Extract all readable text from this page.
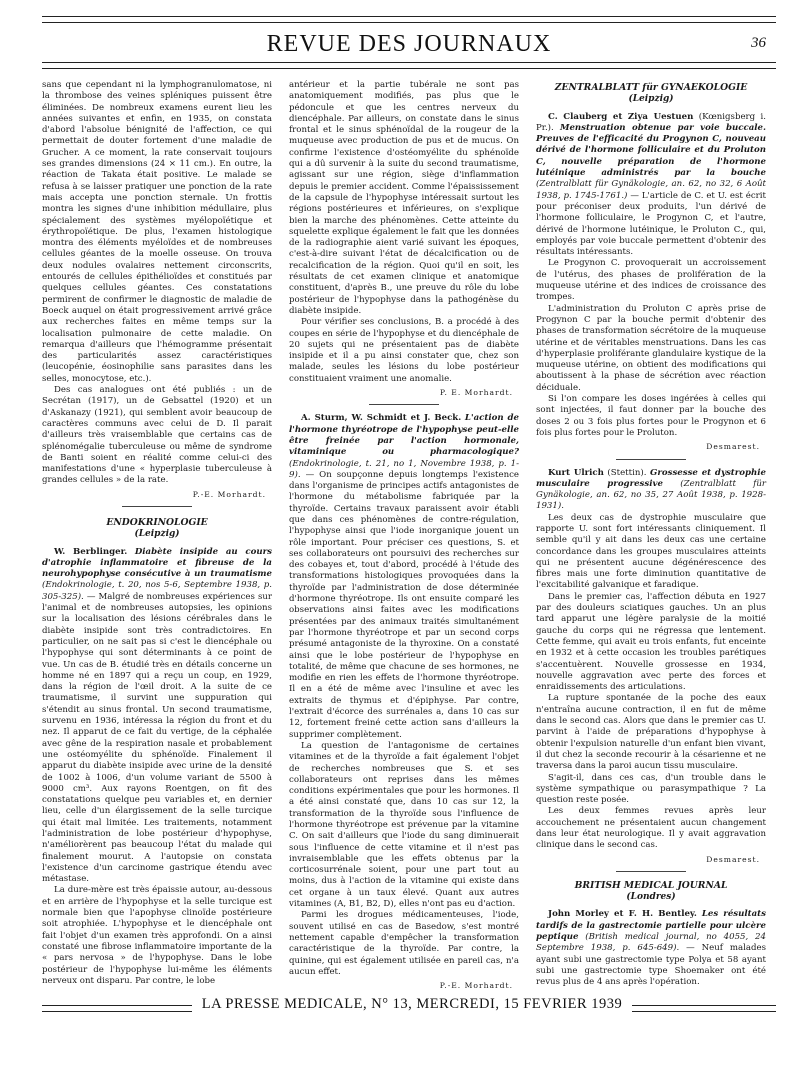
REVUE DES JOURNAUX	36

sans que cependant ni la lymphogranulomatose, ni la thrombose des veines spléniques puissent être éliminées. De nombreux examens eurent lieu les années suivantes et enfin, en 1935, on constata d'abord l'absolue bénignité de l'affection, ce qui permettait de douter fortement d'une maladie de Grucher. A ce moment, la rate conservait toujours ses grandes dimensions (24 × 11 cm.). En outre, la réaction de Takata était positive. Le malade se refusa à se laisser pratiquer une ponction de la rate mais accepta une ponction sternale. Un frottis montra les signes d'une inhibition médullaire, plus spécialement des systèmes myélopoïétique et érythropoïétique. De plus, l'examen histologique montra des éléments myéloïdes et de nombreuses cellules géantes de la moelle osseuse. On trouva deux nodules ovalaires nettement circonscrits, entourés de cellules épithélioïdes et constitués par quelques cellules géantes. Ces constatations permirent de confirmer le diagnostic de maladie de Boeck auquel on était progressivement arrivé grâce aux recherches faites en même temps sur la localisation pulmonaire de cette maladie. On remarqua d'ailleurs que l'hémogramme présentait des particularités assez caractéristiques (leucopénie, éosinophilie sans parasites dans les selles, monocytose, etc.).

Des cas analogues ont été publiés : un de Secrétan (1917), un de Gebsattel (1920) et un d'Askanazy (1921), qui semblent avoir beaucoup de caractères communs avec celui de D. Il parait d'ailleurs très vraisemblable que certains cas de splénomégalie tuberculeuse ou même de syndrome de Banti soient en réalité comme celui-ci des manifestations d'une « hyperplasie tuberculeuse à grandes cellules » de la rate.

P.-E. Morhardt.
ENDOKRINOLOGIE
(Leipzig)

W. Berblinger. Diabète insipide au cours d'atrophie inflammatoire et fibreuse de la neurohypophyse consécutive à un traumatisme (Endokrinologie, t. 20, nos 5-6, Septembre 1938, p. 305-325). — Malgré de nombreuses expériences sur l'animal et de nombreuses autopsies, les opinions sur la localisation des lésions cérébrales dans le diabète insipide sont très contradictoires. En particulier, on ne sait pas si c'est le diencéphale ou l'hypophyse qui sont déterminants à ce point de vue. Un cas de B. étudié très en détails concerne un homme né en 1897 qui a reçu un coup, en 1929, dans la région de l'œil droit. A la suite de ce traumatisme, il survint une suppuration qui s'étendit au sinus frontal. Un second traumatisme, survenu en 1936, intéressa la région du front et du nez. Il apparut de ce fait du vertige, de la céphalée avec gêne de la respiration nasale et probablement une ostéomyélite du sphénoïde. Finalement il apparut du diabète insipide avec urine de la densité de 1002 à 1006, d'un volume variant de 5500 à 9000 cm³. Aux rayons Roentgen, on fit des constatations quelque peu variables et, en dernier lieu, celle d'un élargissement de la selle turcique qui était mal limitée. Les traitements, notamment l'administration de lobe postérieur d'hypophyse, n'améliorèrent pas beaucoup l'état du malade qui finalement mourut. A l'autopsie on constata l'existence d'un carcinome gastrique étendu avec métastase.

La dure-mère est très épaissie autour, au-dessous et en arrière de l'hypophyse et la selle turcique est normale bien que l'apophyse clinoïde postérieure soit atrophiée. L'hypophyse et le diencéphale ont fait l'objet d'un examen très approfondi. On a ainsi constaté une fibrose inflammatoire importante de la « pars nervosa » de l'hypophyse. Dans le lobe postérieur de l'hypophyse lui-même les éléments nerveux ont disparu. Par contre, le lobe

antérieur et la partie tubérale ne sont pas anatomiquement modifiés, pas plus que le pédoncule et que les centres nerveux du diencéphale. Par ailleurs, on constate dans le sinus frontal et le sinus sphénoïdal de la rougeur de la muqueuse avec production de pus et de mucus. On confirme l'existence d'ostéomyélite du sphénoïde qui a dû survenir à la suite du second traumatisme, agissant sur une région, siège d'inflammation depuis le premier accident. Comme l'épaississement de la capsule de l'hypophyse intéressait surtout les régions postérieures et inférieures, on s'explique bien la marche des phénomènes. Cette atteinte du squelette explique également le fait que les données de la radiographie aient varié suivant les époques, c'est-à-dire suivant l'état de décalcification ou de recalcification de la région. Quoi qu'il en soit, les résultats de cet examen clinique et anatomique constituent, d'après B., une preuve du rôle du lobe postérieur de l'hypophyse dans la pathogénèse du diabète insipide.

Pour vérifier ses conclusions, B. a procédé à des coupes en série de l'hypophyse et du diencéphale de 20 sujets qui ne présentaient pas de diabète insipide et il a pu ainsi constater que, chez son malade, seules les lésions du lobe postérieur constituaient vraiment une anomalie.

P. E. Morhardt.

A. Sturm, W. Schmidt et J. Beck. L'action de l'hormone thyréotrope de l'hypophyse peut-elle être freinée par l'action hormonale, vitaminique ou pharmacologique? (Endokrinologie, t. 21, no 1, Novembre 1938, p. 1-9). — On soupçonne depuis longtemps l'existence dans l'organisme de principes actifs antagonistes de l'hormone du métabolisme fabriquée par la thyroïde. Certains travaux paraissent avoir établi que dans ces phénomènes de contre-régulation, l'hypophyse ainsi que l'iode inorganique jouent un rôle important. Pour préciser ces questions, S. et ses collaborateurs ont poursuivi des recherches sur des cobayes et, tout d'abord, procédé à l'étude des transformations histologiques provoquées dans la thyroïde par l'administration de dose déterminée d'hormone thyréotrope. Ils ont ensuite comparé les observations ainsi faites avec les modifications présentées par des animaux traités simultanément par l'hormone thyréotrope et par un second corps présumé antagoniste de la thyroxine. On a constaté ainsi que le lobe postérieur de l'hypophyse en totalité, de même que chacune de ses hormones, ne modifie en rien les effets de l'hormone thyréotrope. Il en a été de même avec l'insuline et avec les extraits de thymus et d'épiphyse. Par contre, l'extrait d'écorce des surrénales a, dans 10 cas sur 12, fortement freiné cette action sans d'ailleurs la supprimer complètement.

La question de l'antagonisme de certaines vitamines et de la thyroïde a fait également l'objet de recherches nombreuses que S. et ses collaborateurs ont reprises dans les mêmes conditions expérimentales que pour les hormones. Il a été ainsi constaté que, dans 10 cas sur 12, la transformation de la thyroïde sous l'influence de l'hormone thyréotrope est prévenue par la vitamine C. On sait d'ailleurs que l'iode du sang diminuerait sous l'influence de cette vitamine et il n'est pas invraisemblable que les effets obtenus par la corticosurrénale soient, pour une part tout au moins, dus à l'action de la vitamine qui existe dans cet organe à un taux élevé. Quant aux autres vitamines (A, B1, B2, D), elles n'ont pas eu d'action.

Parmi les drogues médicamenteuses, l'iode, souvent utilisé en cas de Basedow, s'est montré nettement capable d'empêcher la transformation caractéristique de la thyroïde. Par contre, la quinine, qui est également utilisée en pareil cas, n'a aucun effet.

P.-E. Morhardt.
ZENTRALBLATT für GYNAEKOLOGIE
(Leipzig)

C. Clauberg et Ziya Uestuen (Kœnigsberg i. Pr.). Menstruation obtenue par voie buccale. Preuves de l'efficacité du Progynon C, nouveau dérivé de l'hormone folliculaire et du Proluton C, nouvelle préparation de l'hormone lutéinique administrés par la bouche (Zentralblatt für Gynäkologie, an. 62, no 32, 6 Août 1938, p. 1745-1761.) — L'article de C. et U. est écrit pour préconiser deux produits, l'un dérivé de l'hormone folliculaire, le Progynon C, et l'autre, dérivé de l'hormone lutéinique, le Proluton C., qui, employés par voie buccale permettent d'obtenir des résultats intéressants.

Le Progynon C. provoquerait un accroissement de l'utérus, des phases de prolifération de la muqueuse utérine et des indices de croissance des trompes.

L'administration du Proluton C après prise de Progynon C par la bouche permit d'obtenir des phases de transformation sécrétoire de la muqueuse utérine et de véritables menstruations. Dans les cas d'hyperplasie proliférante glandulaire kystique de la muqueuse utérine, on obtient des modifications qui aboutissent à la phase de sécrétion avec réaction déciduale.

Si l'on compare les doses ingérées à celles qui sont injectées, il faut donner par la bouche des doses 2 ou 3 fois plus fortes pour le Progynon et 6 fois plus fortes pour le Proluton.

Desmarest.

Kurt Ulrich (Stettin). Grossesse et dystrophie musculaire progressive (Zentralblatt für Gynäkologie, an. 62, no 35, 27 Août 1938, p. 1928-1931).

Les deux cas de dystrophie musculaire que rapporte U. sont fort intéressants cliniquement. Il semble qu'il y ait dans les deux cas une certaine concordance dans les groupes musculaires atteints qui ne présentent aucune dégénérescence des fibres mais une forte diminution quantitative de l'excitabilité galvanique et faradique.

Dans le premier cas, l'affection débuta en 1927 par des douleurs sciatiques gauches. Un an plus tard apparut une légère paralysie de la moitié gauche du corps qui ne régressa que lentement. Cette femme, qui avait eu trois enfants, fut enceinte en 1932 et à cette occasion les troubles parétiques s'accentuèrent. Nouvelle grossesse en 1934, nouvelle aggravation avec perte des forces et enraidissements des articulations.

La rupture spontanée de la poche des eaux n'entraîna aucune contraction, il en fut de même dans le second cas. Alors que dans le premier cas U. parvint à l'aide de préparations d'hypophyse à obtenir l'expulsion naturelle d'un enfant bien vivant, il dut chez la seconde recourir à la césarienne et ne traversa dans la paroi aucun tissu musculaire.

S'agit-il, dans ces cas, d'un trouble dans le système sympathique ou parasympathique ? La question reste posée.

Les deux femmes revues après leur accouchement ne présentaient aucun changement dans leur état neurologique. Il y avait aggravation clinique dans le second cas.

Desmarest.
BRITISH MEDICAL JOURNAL
(Londres)

John Morley et F. H. Bentley. Les résultats tardifs de la gastrectomie partielle pour ulcère peptique (British medical journal, no 4055, 24 Septembre 1938, p. 645-649). — Neuf malades ayant subi une gastrectomie type Polya et 58 ayant subi une gastrectomie type Shoemaker ont été revus plus de 4 ans après l'opération.

LA PRESSE MEDICALE, N° 13, MERCREDI, 15 FEVRIER 1939
